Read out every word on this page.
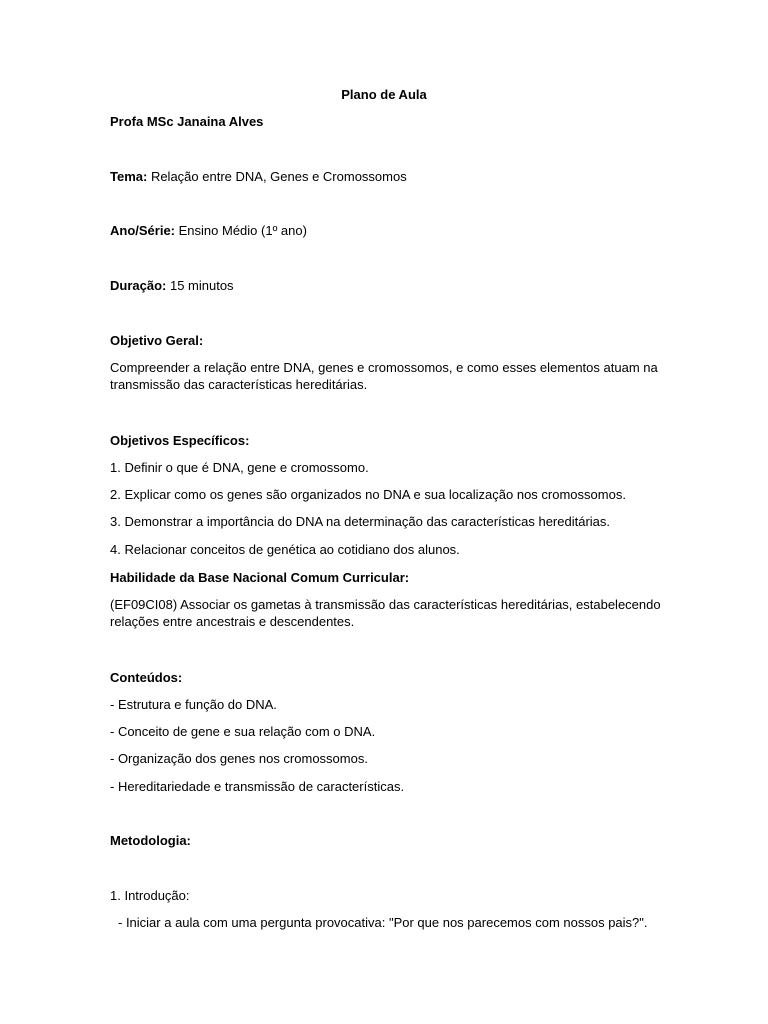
Plano de Aula
Profa MSc Janaina Alves
Tema: Relação entre DNA, Genes e Cromossomos
Ano/Série: Ensino Médio (1º ano)
Duração: 15 minutos
Objetivo Geral:
Compreender a relação entre DNA, genes e cromossomos, e como esses elementos atuam na transmissão das características hereditárias.
Objetivos Específicos:
1. Definir o que é DNA, gene e cromossomo.
2. Explicar como os genes são organizados no DNA e sua localização nos cromossomos.
3. Demonstrar a importância do DNA na determinação das características hereditárias.
4. Relacionar conceitos de genética ao cotidiano dos alunos.
Habilidade da Base Nacional Comum Curricular:
(EF09CI08) Associar os gametas à transmissão das características hereditárias, estabelecendo relações entre ancestrais e descendentes.
Conteúdos:
- Estrutura e função do DNA.
- Conceito de gene e sua relação com o DNA.
- Organização dos genes nos cromossomos.
- Hereditariedade e transmissão de características.
Metodologia:
1. Introdução:
- Iniciar a aula com uma pergunta provocativa: "Por que nos parecemos com nossos pais?".
